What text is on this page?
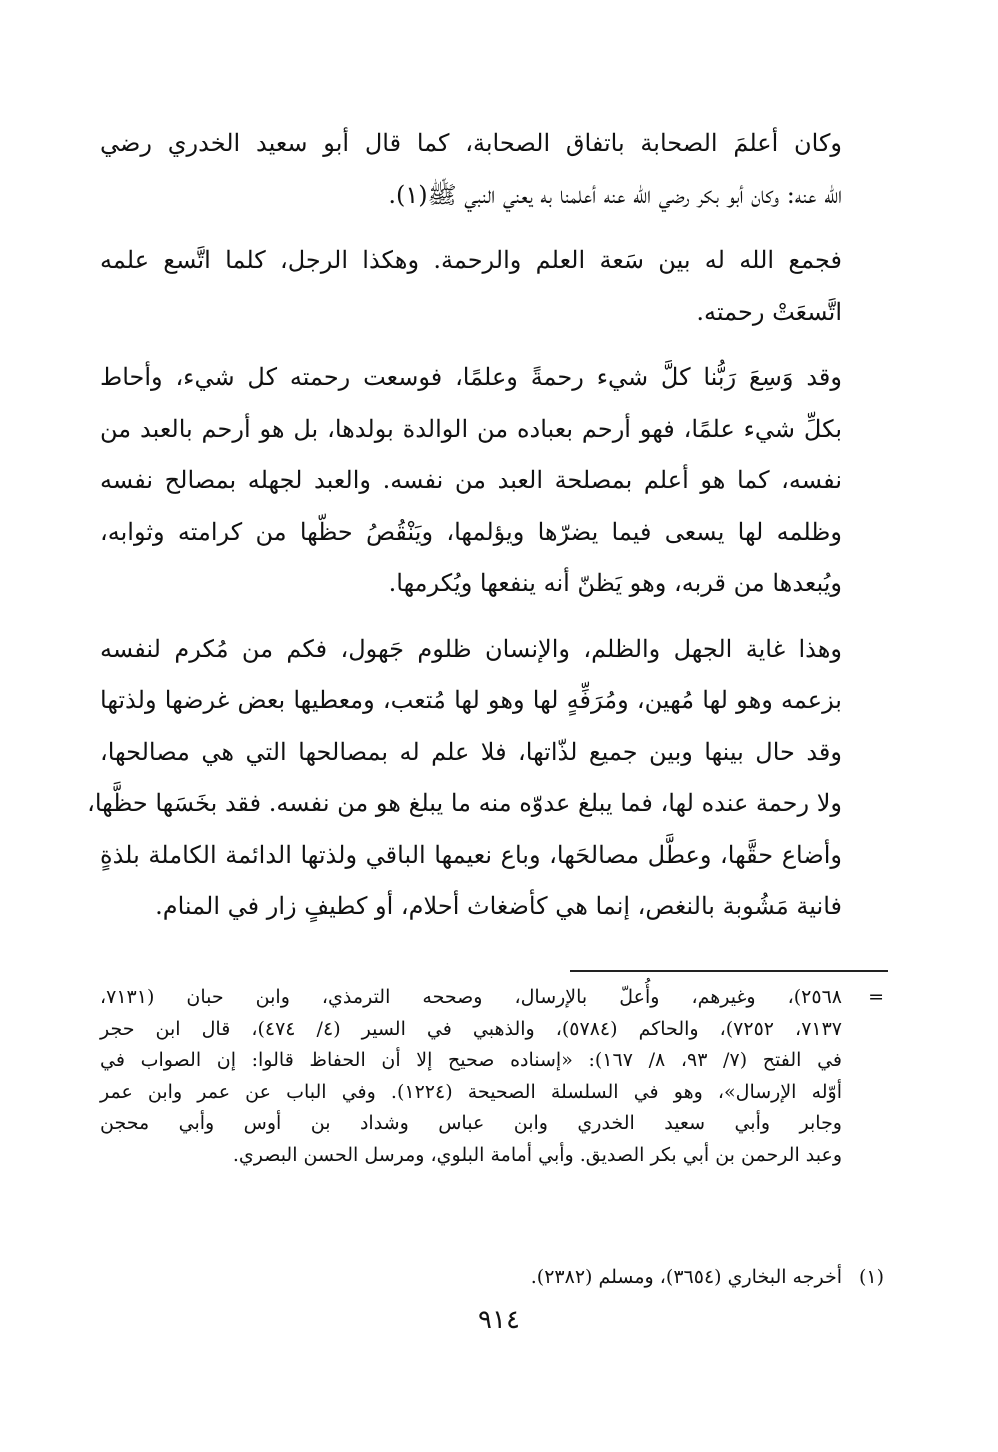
وكان أعلمَ الصحابة باتفاق الصحابة، كما قال أبو سعيد الخدري رضي
الله عنه: وكان أبو بكر رضي الله عنه أعلمنا به يعني النبي ﷺ(١).

فجمع الله له بين سَعة العلم والرحمة. وهكذا الرجل، كلما اتَّسع علمه
اتَّسعَتْ رحمته.

وقد وَسِعَ رَبُّنا كلَّ شيء رحمةً وعلمًا، فوسعت رحمته كل شيء، وأحاط
بكلِّ شيء علمًا، فهو أرحم بعباده من الوالدة بولدها، بل هو أرحم بالعبد من
نفسه، كما هو أعلم بمصلحة العبد من نفسه. والعبد لجهله بمصالح نفسه
وظلمه لها يسعى فيما يضرّها ويؤلمها، ويَنْقُصُ حظّها من كرامته وثوابه،
ويُبعدها من قربه، وهو يَظنّ أنه ينفعها ويُكرمها.

وهذا غاية الجهل والظلم، والإنسان ظلوم جَهول، فكم من مُكرم لنفسه
بزعمه وهو لها مُهين، ومُرَفِّهٍ لها وهو لها مُتعب، ومعطيها بعض غرضها ولذتها
وقد حال بينها وبين جميع لذّاتها، فلا علم له بمصالحها التي هي مصالحها،
ولا رحمة عنده لها، فما يبلغ عدوّه منه ما يبلغ هو من نفسه. فقد بخَسَها حظَّها،
وأضاع حقَّها، وعطَّل مصالحَها، وباع نعيمها الباقي ولذتها الدائمة الكاملة بلذةٍ
فانية مَشُوبة بالنغص، إنما هي كأضغاث أحلام، أو كطيفٍ زار في المنام.

=
٢٥٦٨)، وغيرهم، وأُعلّ بالإرسال، وصححه الترمذي، وابن حبان (٧١٣١،
٧١٣٧، ٧٢٥٢)، والحاكم (٥٧٨٤)، والذهبي في السير (٤/ ٤٧٤)، قال ابن حجر
في الفتح (٧/ ٩٣، ٨/ ١٦٧): «إسناده صحيح إلا أن الحفاظ قالوا: إن الصواب في
أوّله الإرسال»، وهو في السلسلة الصحيحة (١٢٢٤). وفي الباب عن عمر وابن عمر
وجابر وأبي سعيد الخدري وابن عباس وشداد بن أوس وأبي محجن
وعبد الرحمن بن أبي بكر الصديق. وأبي أمامة البلوي، ومرسل الحسن البصري.
(١)
أخرجه البخاري (٣٦٥٤)، ومسلم (٢٣٨٢).
٩١٤
